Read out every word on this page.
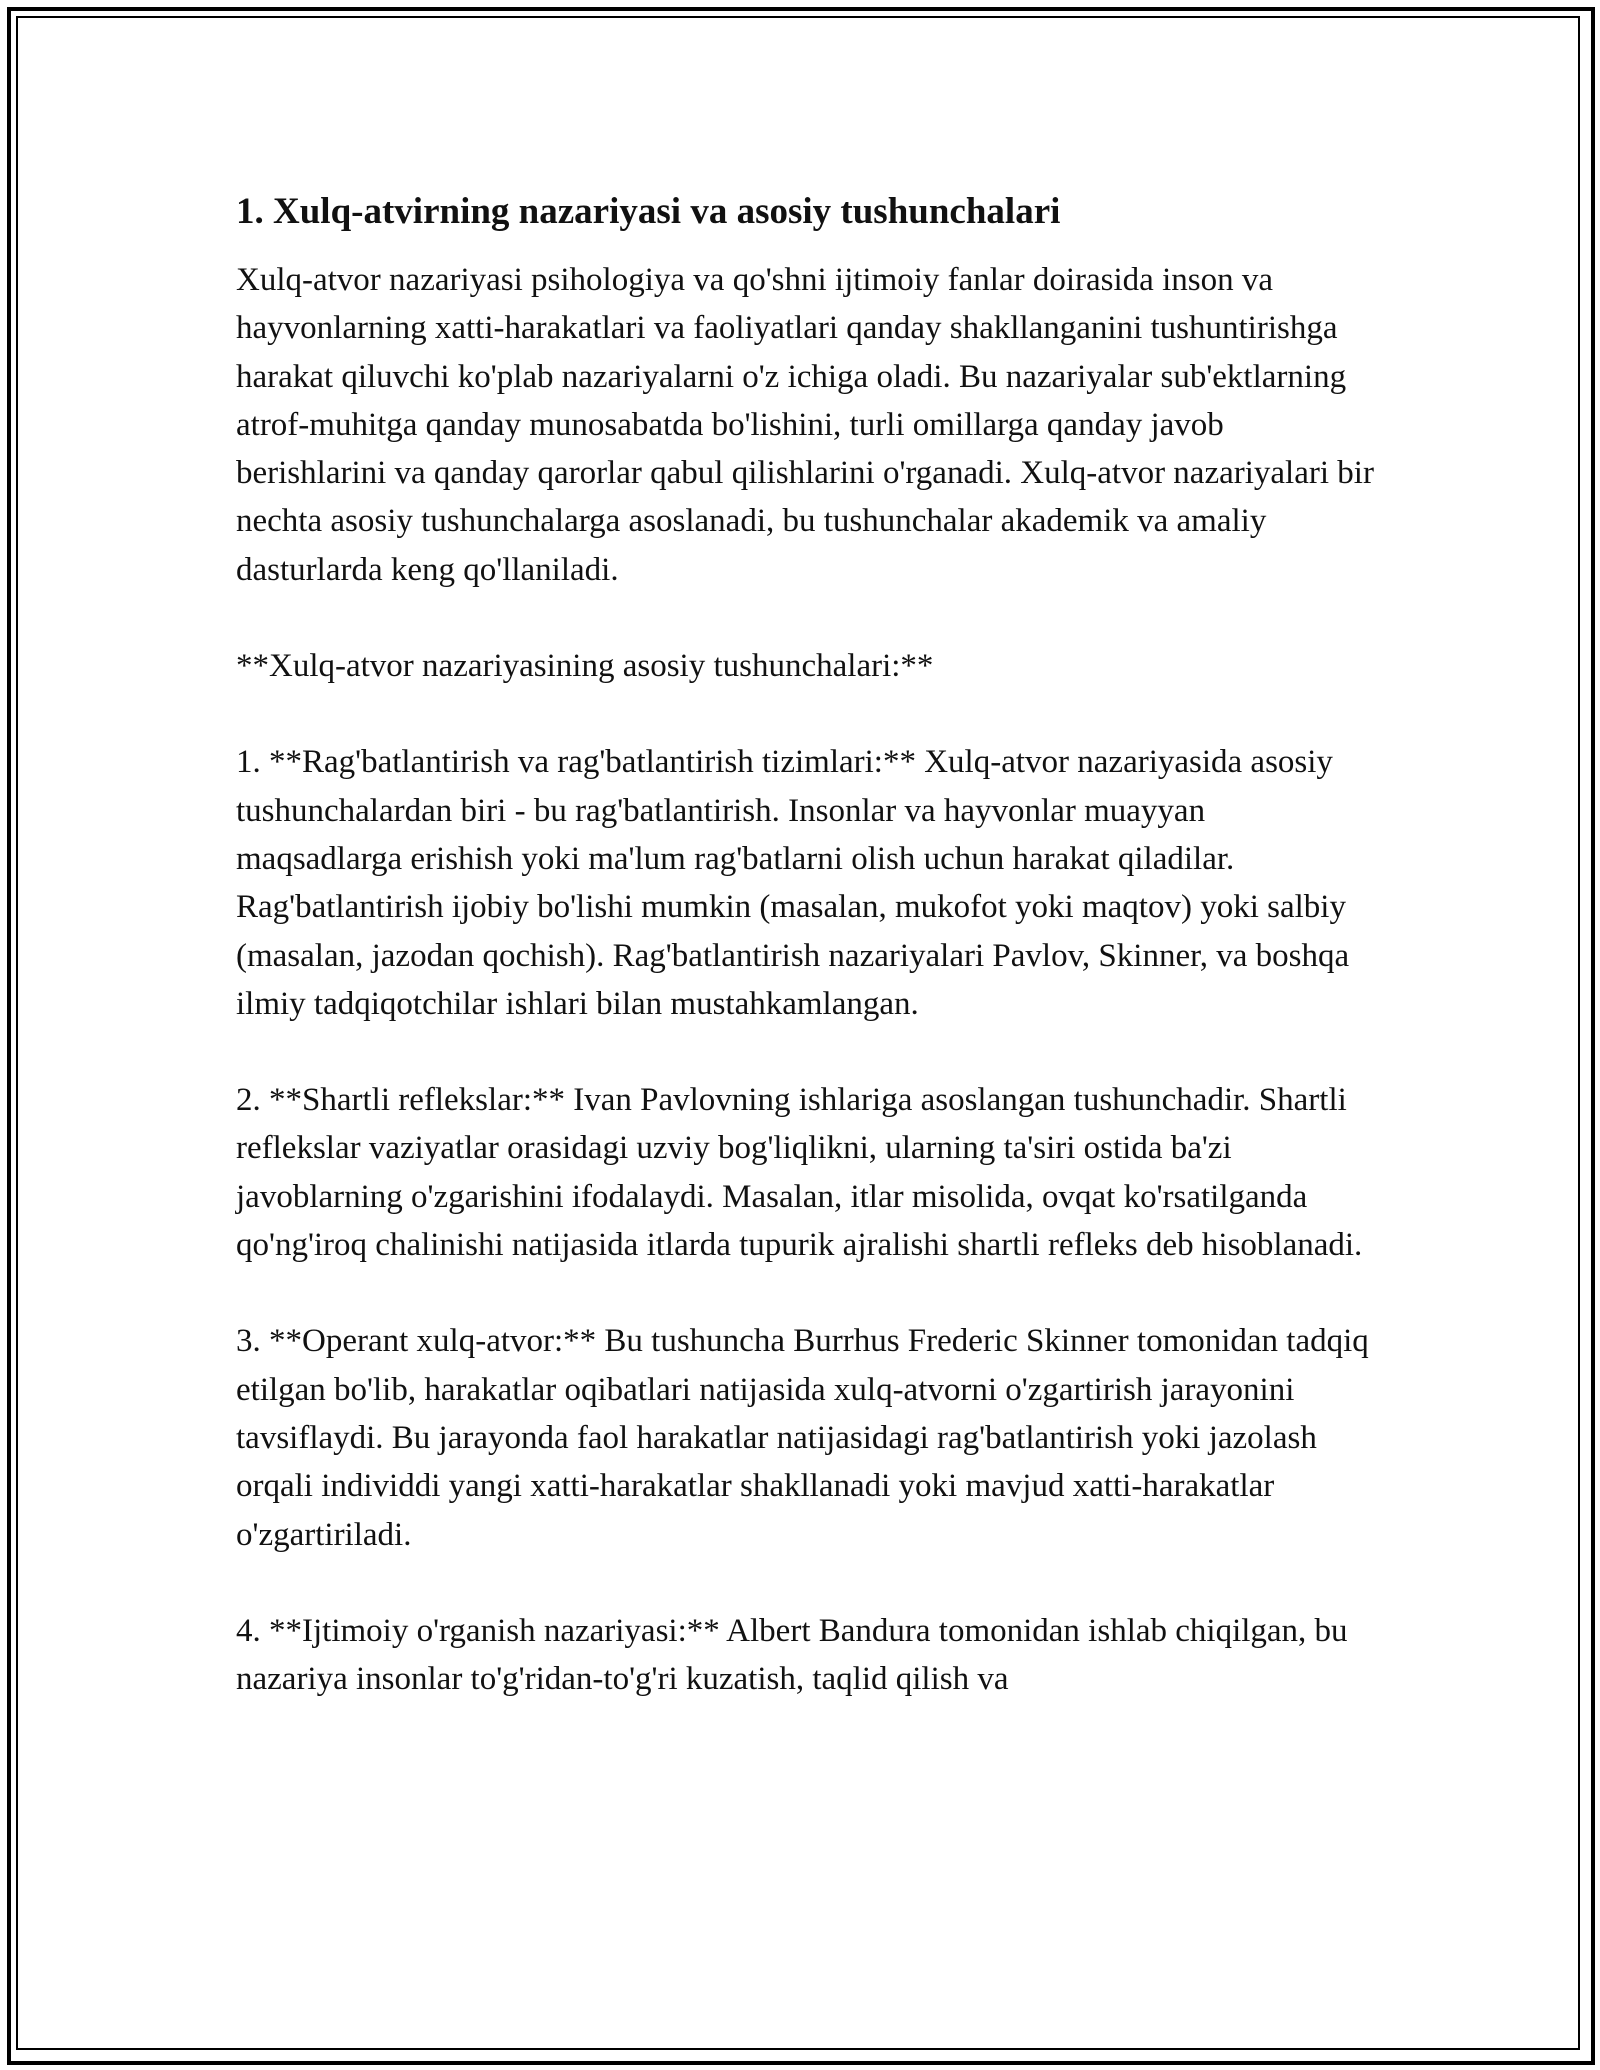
1. Xulq-atvirning nazariyasi va asosiy tushunchalari

Xulq-atvor nazariyasi psihologiya va qo'shni ijtimoiy fanlar doirasida inson va hayvonlarning xatti-harakatlari va faoliyatlari qanday shakllanganini tushuntirishga harakat qiluvchi ko'plab nazariyalarni o'z ichiga oladi. Bu nazariyalar sub'ektlarning atrof-muhitga qanday munosabatda bo'lishini, turli omillarga qanday javob berishlarini va qanday qarorlar qabul qilishlarini o'rganadi. Xulq-atvor nazariyalari bir nechta asosiy tushunchalarga asoslanadi, bu tushunchalar akademik va amaliy dasturlarda keng qo'llaniladi.

**Xulq-atvor nazariyasining asosiy tushunchalari:**

1. **Rag'batlantirish va rag'batlantirish tizimlari:** Xulq-atvor nazariyasida asosiy tushunchalardan biri - bu rag'batlantirish. Insonlar va hayvonlar muayyan maqsadlarga erishish yoki ma'lum rag'batlarni olish uchun harakat qiladilar. Rag'batlantirish ijobiy bo'lishi mumkin (masalan, mukofot yoki maqtov) yoki salbiy (masalan, jazodan qochish). Rag'batlantirish nazariyalari Pavlov, Skinner, va boshqa ilmiy tadqiqotchilar ishlari bilan mustahkamlangan.

2. **Shartli reflekslar:** Ivan Pavlovning ishlariga asoslangan tushunchadir. Shartli reflekslar vaziyatlar orasidagi uzviy bog'liqlikni, ularning ta'siri ostida ba'zi javoblarning o'zgarishini ifodalaydi. Masalan, itlar misolida, ovqat ko'rsatilganda qo'ng'iroq chalinishi natijasida itlarda tupurik ajralishi shartli refleks deb hisoblanadi.

3. **Operant xulq-atvor:** Bu tushuncha Burrhus Frederic Skinner tomonidan tadqiq etilgan bo'lib, harakatlar oqibatlari natijasida xulq-atvorni o'zgartirish jarayonini tavsiflaydi. Bu jarayonda faol harakatlar natijasidagi rag'batlantirish yoki jazolash orqali individdi yangi xatti-harakatlar shakllanadi yoki mavjud xatti-harakatlar o'zgartiriladi.

4. **Ijtimoiy o'rganish nazariyasi:** Albert Bandura tomonidan ishlab chiqilgan, bu nazariya insonlar to'g'ridan-to'g'ri kuzatish, taqlid qilish va
